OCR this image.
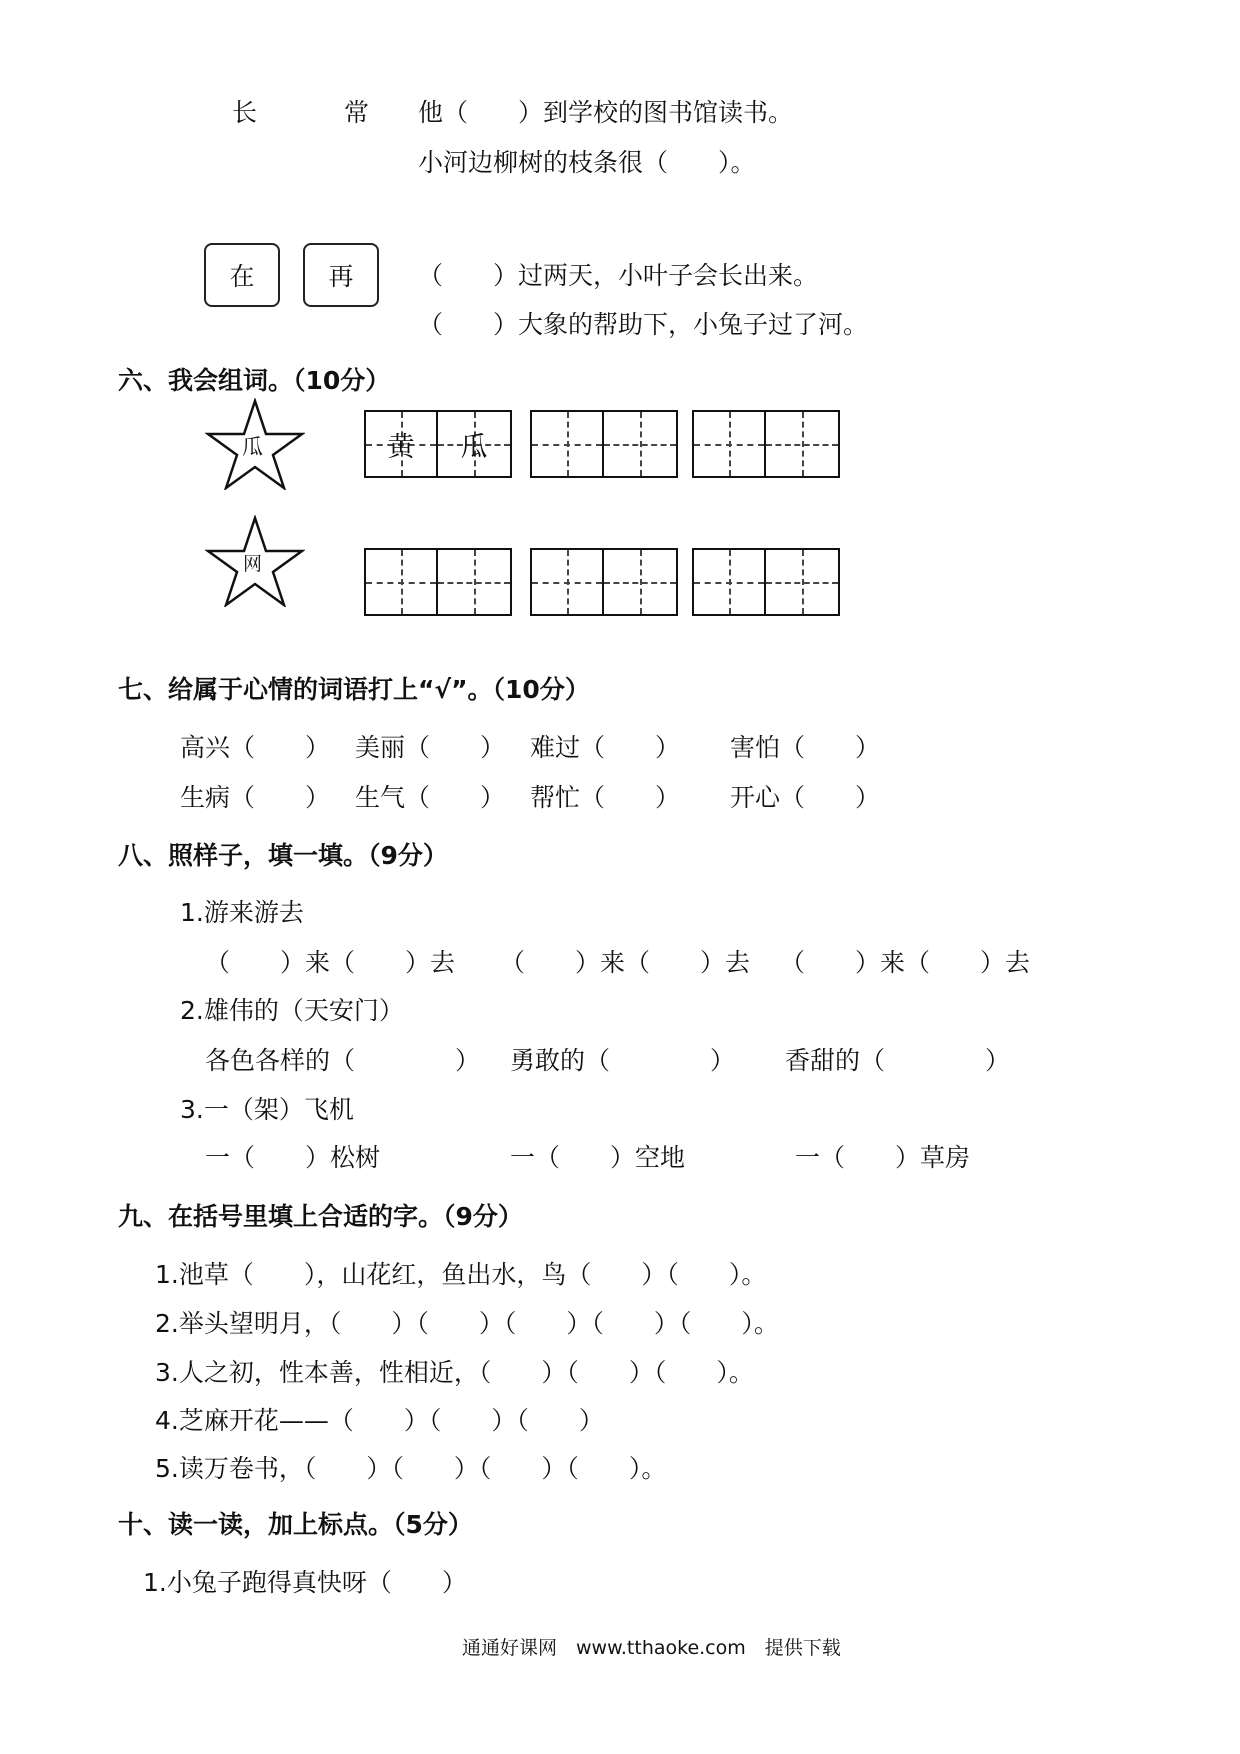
长	常 他（　　）到学校的图书馆读书。
小河边柳树的枝条很（　　）。
在	再	（　　）过两天，小叶子会长出来。
（　　）大象的帮助下，小兔子过了河。
六、我会组词。（10分）
瓜	黄	瓜
网
七、给属于心情的词语打上“√”。（10分）
高兴（　　） 美丽（　　） 难过（　　） 害怕（　　）
生病（　　） 生气（　　） 帮忙（　　） 开心（　　）
八、照样子，填一填。（9分）
1.游来游去
（　　）来（　　）去 （　　）来（　　）去 （　　）来（　　）去
2.雄伟的（天安门）
各色各样的（　　　　） 勇敢的（　　　　） 香甜的（　　　　）
3.一（架）飞机
一（　　）松树	一（　　）空地	一（　　）草房
九、在括号里填上合适的字。（9分）
1.池草（　　），山花红，鱼出水，鸟（　　）（　　）。
2.举头望明月，（　　）（　　）（　　）（　　）（　　）。
3.人之初，性本善，性相近，（　　）（　　）（　　）。
4.芝麻开花——（　　）（　　）（　　）
5.读万卷书，（　　）（　　）（　　）（　　）。
十、读一读，加上标点。（5分）
1.小兔子跑得真快呀（　　）
通通好课网　www.tthaoke.com　提供下载
